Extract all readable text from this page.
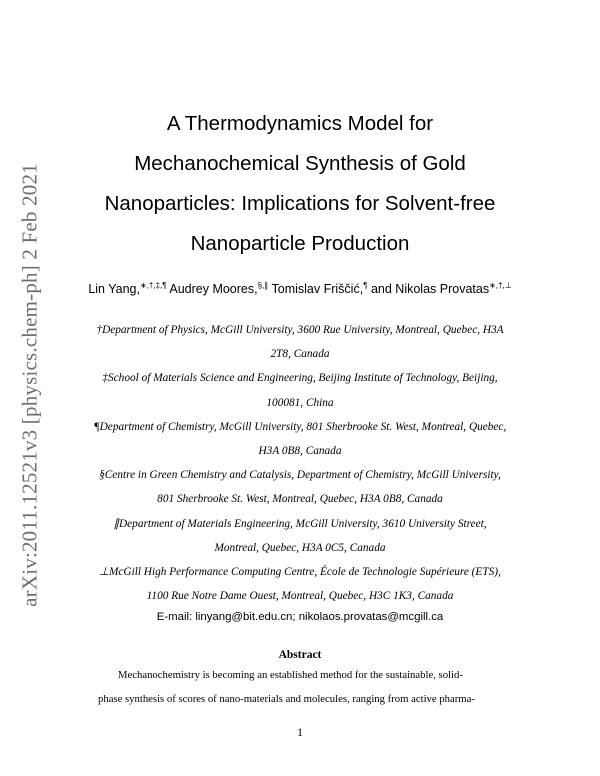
arXiv:2011.12521v3 [physics.chem-ph] 2 Feb 2021
A Thermodynamics Model for
Mechanochemical Synthesis of Gold
Nanoparticles: Implications for Solvent-free
Nanoparticle Production
Lin Yang,∗,†,‡,¶ Audrey Moores,§,∥ Tomislav Friščić,¶ and Nikolas Provatas∗,†,⊥
†Department of Physics, McGill University, 3600 Rue University, Montreal, Quebec, H3A
2T8, Canada
‡School of Materials Science and Engineering, Beijing Institute of Technology, Beijing,
100081, China
¶Department of Chemistry, McGill University, 801 Sherbrooke St. West, Montreal, Quebec,
H3A 0B8, Canada
§Centre in Green Chemistry and Catalysis, Department of Chemistry, McGill University,
801 Sherbrooke St. West, Montreal, Quebec, H3A 0B8, Canada
∥Department of Materials Engineering, McGill University, 3610 University Street,
Montreal, Quebec, H3A 0C5, Canada
⊥McGill High Performance Computing Centre, École de Technologie Supérieure (ETS),
1100 Rue Notre Dame Ouest, Montreal, Quebec, H3C 1K3, Canada
E-mail: linyang@bit.edu.cn; nikolaos.provatas@mcgill.ca
Abstract
Mechanochemistry is becoming an established method for the sustainable, solid-
phase synthesis of scores of nano-materials and molecules, ranging from active pharma-
1
